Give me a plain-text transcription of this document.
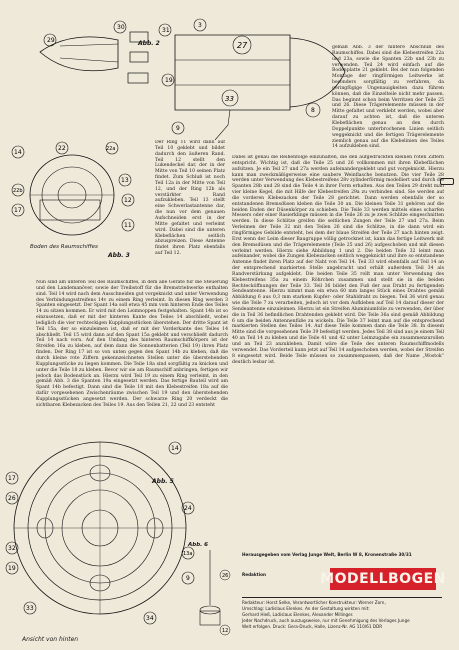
29
30	31
19
9
3
27
33
8
Abb. 2
gemäß Abb. 3 der hintere Abschluß des Raumschiffes. Dabei sind die Klebestreifen 22a und 23a, sowie die Spanten 22b und 23b zu verwenden. Teil 24 wird einfach auf die Bodenplatte 21 geklebt. Bei der nun folgenden Montage der ringförmigen Leitwerke ist besonders sorgfältig zu verfahren, da geringfügige Ungenauigkeiten dazu führen können, daß die Einzelteile nicht mehr passen. Das beginnt schon beim Verritzen der Teile 25 und 26. Diese Trägerelemente müssen in der Mitte gefaltet und verklebt werden, wobei aber darauf zu achten ist, daß die unteren Klebeflächen genau an den durch Doppelpunkte unterbrochenen Linien seitlich weggeknickt und die fertigen Trägerelemente ziemlich genau auf die Klebelinien des Teiles 14 aufzukleben sind.
14
22	22a
22b
17
13
12
11
Boden des Raumschiffes
Abb. 3
Der Ring 11 wird dann auf Teil 10 geklebt und bildet dadurch den äußeren Rand. Teil 12 stellt den Lukendeckel dar, der in der Mitte von Teil 10 seinen Platz findet. Zum Schluß ist noch Teil 12a in der Mitte von Teil 12, und der Ring 12b als verstärkter Rand aufzukleben. Teil 13 stellt eine Schwerlastantenne dar, die nun vor dem genauen Aufschneiden erst in der Mitte gefaltet und verleimt wird. Dabei sind die unteren Klebeflächen seitlich abzuspreizen. Diese Antenne findet ihren Platz ebenfalls auf Teil 12.
Dabei ist genau die Reihenfolge einzuhalten, die den aufgedruckten kleinen roten Ziffern entspricht. Wichtig ist, daß die Teile 25 und 26 vollkommen mit ihren Klebeflächen aufsitzen. Je ein Teil 27 und 27a werden aufeinandergeklebt und gut vorgeknickt. Hierzu kann man zweckmäßigerweise eine saubere Weinflasche benutzen. Die vier Teile 28 werden unter Verwendung des Klebestreifens 28v zylinderförmig modelliert und durch die Spanten 28b und 28 sind die Teile 4 in ihrer Form erhalten. Aus den Teilen 29 dreht man vier kleine Kegel, die mit Hilfe der Klebestreifen 29a zu verbinden sind. Sie werden auf die vorderen Klebezacken der Teile 28 gerichtet. Dann werden ebenfalls der so entstandenen Bremsdüsen kleben die Teile 30 an. Die kleinen Teile 31 gehören auf die beiden Enden der Düsenkörper zu schieben. Die Teile 33 werden mittels eines scharfen Messers oder einer Rasierklinge müssen in die Teile 26 zu je zwei Schlitze eingeschnitten werden. In diese Schlitze greifen die seitlichen Zungen der Teile 27 und 27a. Beim Verleimen der Teile 32 mit den Teilen 26 sind die Schlitze, in die dann wird ein ringförmiges Gebilde entsteht, bei dem der blaue Streifen der Teile 27 nach hinten zeigt. Erst wenn der Leim dieser Baugruppe völlig getrocknet ist, kann das fertige Leitwerk mit den Bremsdüsen und die Trägerelemente (Teile 25 und 26) aufgeschoben und mit diesen verleimt werden. Hierzu siehe Abbildung 1 und 2. Die beiden Teile 32 leimt man aufeinander, wobei die Zungen Klebezacken seitlich weggeknickt und ihre so entstandene Antenne findet ihren Platz auf der Naht von Teil 14. Teil 33 wird ebenfalls auf Teil 14 an der entsprechend markierten Stelle angebracht und erhält außerdem Teil 34 als Randverstärkung aufgeklebt. Die beiden Teile 35 rollt man unter Verwendung des Klebestreifens 35a zu einem Röhrchen zusammen und stellt sie in die beiden Rechtecköffnungen der Teile 33. Teil 36 bildet den Fuß der aus Draht zu fertigenden Sendeantenne. Hierzu nimmt man ein etwa 60 mm langes Stück eines Drahtes gemäß Abbildung 6 aus 0,3 mm starkem Kupfer- oder Stahldraht zu biegen. Teil 36 wird genau wie die Teile 7 zu verarbeiten, jedoch ist vor dem Aufkleben auf Teil 14 darauf dieser der Sendeantenne einzuleimen. Hierzu ist ein Streifen Aluminiumfolie zu verwenden, der über die in Teil 36 befindlichen Drahtenden geklebt wird. Die Teile 36a sind gemäß Abbildung 6 um die beiden Antennenfüße zu wickeln. Die Teile 37 leimt man auf die entsprechend markierten Stellen des Teiles 14. Auf diese Teile kommen dann die Teile 38. In diesem Mitte sind die vorgesehenen Teile 39 befestigt werden. Jedes Teil 38 sind aus je einem Teil 40 an Teil 14 zu kleben und die Teile 41 und 42 unter Leimzugabe ein zusammenzurollen und an Teil 23 anzukleben. Damit wäre die Teile des unteren Raumschiffmodells verwendet. Das Vorderteil kann jetzt auf Teil 14 aufgeschoben werden, wobei der Streifen 8 eingesetzt wird. Beide Teile müssen so zusammenpassen, daß der Name „Wostok“ deutlich lesbar ist.
Nun sind am unteren Teil des Raumschiffes, in dem alle Geräte für die Steuerung und den Landemanöver, sowie der Treibstoff für die Bremstriebwerke enthalten sind. Teil 14 wird nach dem Ausschneiden gut vorgeknickt und unter Verwendung des Verbindungsstreifens 14v zu einem Ring verleimt. In diesen Ring werden 3 Spanten eingesetzt. Der Spant 14a soll etwa 45 mm vom hinteren Ende des Teiles 14 zu sitzen kommen. Er wird mit den Leimnoppen festgehalten. Spant 14b ist so einzusetzen, daß er mit der hinteren Kante des Teiles 14 abschließt, wobei lediglich die vier rechteckigen Kupplungsstücken überstehen. Der dritte Spant ist Teil 15a, der so einzuleimen ist, daß er mit der Vorderkante des Teiles 14 abschließt. Teil 15 wird dann auf den Spant 15a geklebt und verschließt dadurch Teil 14 nach vorn. Auf den Umfang des hinteren Raumschiffkörpers ist der Streifen 16a zu kleben, auf dem dann die Sonnenbatterien (Teil 19) ihren Platz finden. Der Ring 17 ist so von unten gegen den Spant 14b zu kleben, daß die durch kleine rote Ziffern gekennzeichneten Stellen unter die überstehenden Kupplungsstücke zu liegen kommen. Die Teile 18a sind sorgfältig zu knicken und unter die Teile 18 zu kleben. Bevor wir sie am Raumschiff anbringen, fertigen wir jedoch das Bodenstück an. Hierzu wird Teil 19 zu einem Ring verleimt, in den gemäß Abb. 3 die Spanten 19a eingesetzt werden. Das fertige Bauteil wird am Spant 14b befestigt. Dann sind die Teile 18 mit den Klebestreifen 18a auf die dafür vorgesehenen Zwischenräume zwischen Teil 19 und den überstehenden Kupplungsstücken angesetzt werden. Der schwarze Ring 20 verdeckt die sichtbaren Klebezacken des Teiles 19. Aus den Teilen 21, 22 und 23 entsteht
14
17
26
32
19
24
13a
9
33
34
Abb. 5
Ansicht von hinten
26
12
Abb. 6
Herausgegeben vom Verlag Junge Welt, Berlin W 8, Kronenstraße 30/31
Redaktion	MODELLBOGEN
Redakteur: Horst Selke, Verantwortlicher Konstrukteur: Werner Zorn,
Umschlag: Ladislaus Elenkes. An der Gestaltung wirkten mit:
Gerhard Hieß, Ladislaus Elenkes, Alexander Millinger.
Jeder Nachdruck, auch auszugsweise, nur mit Genehmigung des Verlages Junge
Welt erfolgen. Druck: Gera-Druck, Halle, Lizenz-Nr. AG 110/61 DDR
